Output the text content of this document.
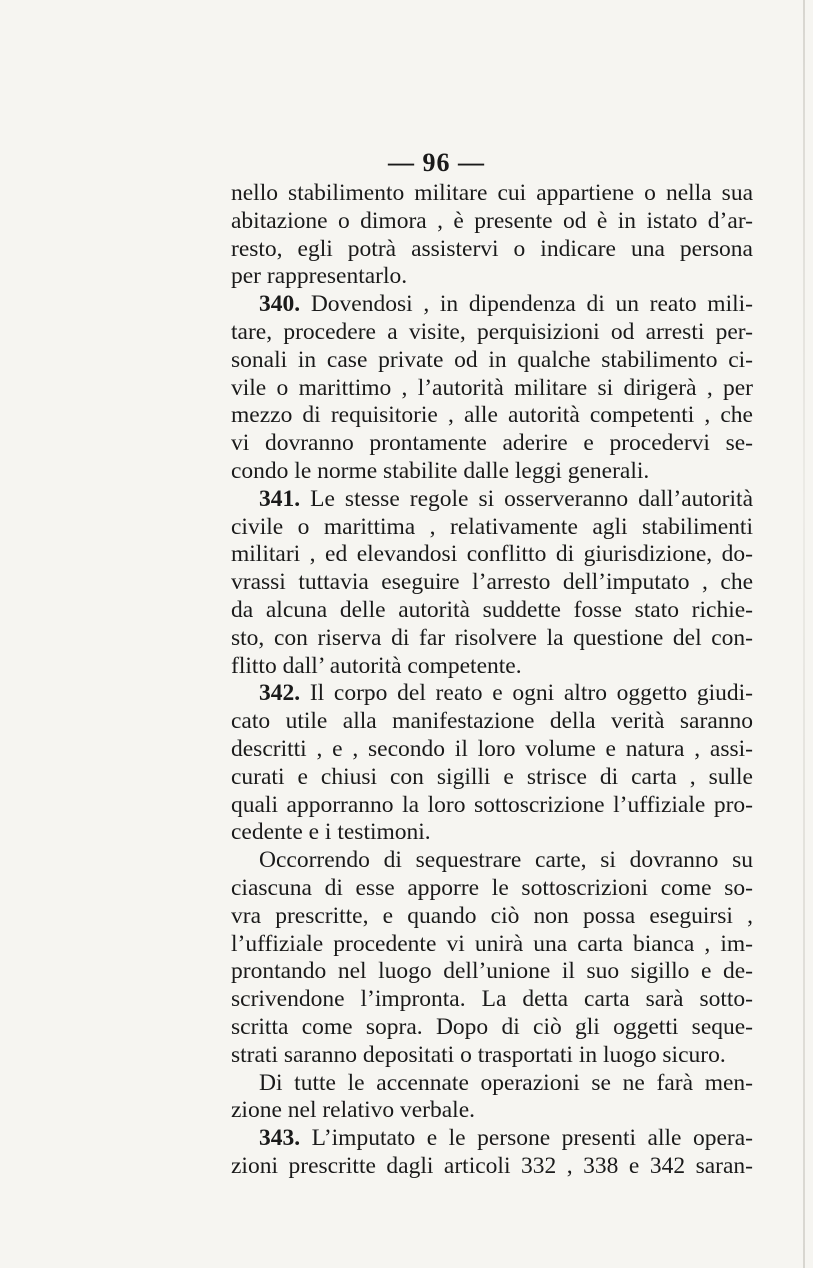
— 96 —
nello stabilimento militare cui appartiene o nella sua
abitazione o dimora , è presente od è in istato d’ar-
resto, egli potrà assistervi o indicare una persona
per rappresentarlo.
340. Dovendosi , in dipendenza di un reato mili-
tare, procedere a visite, perquisizioni od arresti per-
sonali in case private od in qualche stabilimento ci-
vile o marittimo , l’autorità militare si dirigerà , per
mezzo di requisitorie , alle autorità competenti , che
vi dovranno prontamente aderire e procedervi se-
condo le norme stabilite dalle leggi generali.
341. Le stesse regole si osserveranno dall’autorità
civile o marittima , relativamente agli stabilimenti
militari , ed elevandosi conflitto di giurisdizione, do-
vrassi tuttavia eseguire l’arresto dell’imputato , che
da alcuna delle autorità suddette fosse stato richie-
sto, con riserva di far risolvere la questione del con-
flitto dall’ autorità competente.
342. Il corpo del reato e ogni altro oggetto giudi-
cato utile alla manifestazione della verità saranno
descritti , e , secondo il loro volume e natura , assi-
curati e chiusi con sigilli e strisce di carta , sulle
quali apporranno la loro sottoscrizione l’uffiziale pro-
cedente e i testimoni.
Occorrendo di sequestrare carte, si dovranno su
ciascuna di esse apporre le sottoscrizioni come so-
vra prescritte, e quando ciò non possa eseguirsi ,
l’uffiziale procedente vi unirà una carta bianca , im-
prontando nel luogo dell’unione il suo sigillo e de-
scrivendone l’impronta. La detta carta sarà sotto-
scritta come sopra. Dopo di ciò gli oggetti seque-
strati saranno depositati o trasportati in luogo sicuro.
Di tutte le accennate operazioni se ne farà men-
zione nel relativo verbale.
343. L’imputato e le persone presenti alle opera-
zioni prescritte dagli articoli 332 , 338 e 342 saran-
